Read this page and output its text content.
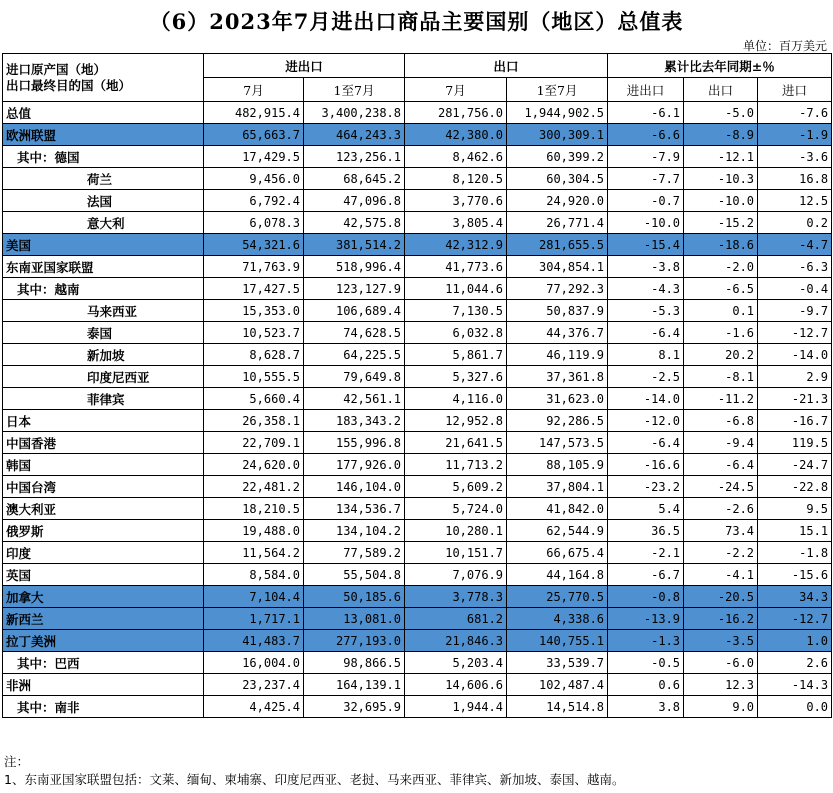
（6）2023年7月进出口商品主要国别（地区）总值表
单位：百万美元
进口原产国（地）
出口最终目的国（地）	进出口		出口		累计比去年同期±％		
	7月	1至7月	7月	1至7月	进出口	出口	进口
总值	482,915.4	3,400,238.8	281,756.0	1,944,902.5	-6.1	-5.0	-7.6
欧洲联盟	65,663.7	464,243.3	42,380.0	300,309.1	-6.6	-8.9	-1.9
其中：德国	17,429.5	123,256.1	8,462.6	60,399.2	-7.9	-12.1	-3.6
荷兰	9,456.0	68,645.2	8,120.5	60,304.5	-7.7	-10.3	16.8
法国	6,792.4	47,096.8	3,770.6	24,920.0	-0.7	-10.0	12.5
意大利	6,078.3	42,575.8	3,805.4	26,771.4	-10.0	-15.2	0.2
美国	54,321.6	381,514.2	42,312.9	281,655.5	-15.4	-18.6	-4.7
东南亚国家联盟	71,763.9	518,996.4	41,773.6	304,854.1	-3.8	-2.0	-6.3
其中：越南	17,427.5	123,127.9	11,044.6	77,292.3	-4.3	-6.5	-0.4
马来西亚	15,353.0	106,689.4	7,130.5	50,837.9	-5.3	0.1	-9.7
泰国	10,523.7	74,628.5	6,032.8	44,376.7	-6.4	-1.6	-12.7
新加坡	8,628.7	64,225.5	5,861.7	46,119.9	8.1	20.2	-14.0
印度尼西亚	10,555.5	79,649.8	5,327.6	37,361.8	-2.5	-8.1	2.9
菲律宾	5,660.4	42,561.1	4,116.0	31,623.0	-14.0	-11.2	-21.3
日本	26,358.1	183,343.2	12,952.8	92,286.5	-12.0	-6.8	-16.7
中国香港	22,709.1	155,996.8	21,641.5	147,573.5	-6.4	-9.4	119.5
韩国	24,620.0	177,926.0	11,713.2	88,105.9	-16.6	-6.4	-24.7
中国台湾	22,481.2	146,104.0	5,609.2	37,804.1	-23.2	-24.5	-22.8
澳大利亚	18,210.5	134,536.7	5,724.0	41,842.0	5.4	-2.6	9.5
俄罗斯	19,488.0	134,104.2	10,280.1	62,544.9	36.5	73.4	15.1
印度	11,564.2	77,589.2	10,151.7	66,675.4	-2.1	-2.2	-1.8
英国	8,584.0	55,504.8	7,076.9	44,164.8	-6.7	-4.1	-15.6
加拿大	7,104.4	50,185.6	3,778.3	25,770.5	-0.8	-20.5	34.3
新西兰	1,717.1	13,081.0	681.2	4,338.6	-13.9	-16.2	-12.7
拉丁美洲	41,483.7	277,193.0	21,846.3	140,755.1	-1.3	-3.5	1.0
其中：巴西	16,004.0	98,866.5	5,203.4	33,539.7	-0.5	-6.0	2.6
非洲	23,237.4	164,139.1	14,606.6	102,487.4	0.6	12.3	-14.3
其中：南非	4,425.4	32,695.9	1,944.4	14,514.8	3.8	9.0	0.0
注：
1、东南亚国家联盟包括：文莱、缅甸、柬埔寨、印度尼西亚、老挝、马来西亚、菲律宾、新加坡、泰国、越南。
